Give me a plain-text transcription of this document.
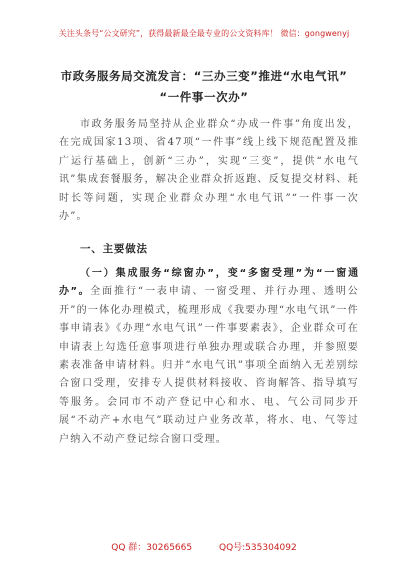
关注头条号“公文研究”，获得最新最全最专业的公文资料库！ 微信：gongwenyj
市政务服务局交流发言：“三办三变”推进“水电气讯”
“一件事一次办”

市政务服务局坚持从企业群众“办成一件事”角度出发，在完成国家13项、省47项“一件事”线上线下规范配置及推广运行基础上，创新“三办”，实现“三变”，提供“水电气讯”集成套餐服务，解决企业群众折返跑、反复提交材料、耗时长等问题，实现企业群众办理“水电气讯”“一件事一次办”。

一、主要做法

（一）集成服务“综窗办”，变“多窗受理”为“一窗通办”。全面推行“一表申请、一窗受理、并行办理、透明公开”的一体化办理模式，梳理形成《我要办理“水电气讯”一件事申请表》《办理“水电气讯”一件事要素表》，企业群众可在申请表上勾选任意事项进行单独办理或联合办理，并参照要素表准备申请材料。归并“水电气讯”事项全面纳入无差别综合窗口受理，安排专人提供材料接收、咨询解答、指导填写等服务。会同市不动产登记中心和水、电、气公司同步开展“不动产+水电气”联动过户业务改革，将水、电、气等过户纳入不动产登记综合窗口受理。

QQ 群：30265665	QQ号:535304092
